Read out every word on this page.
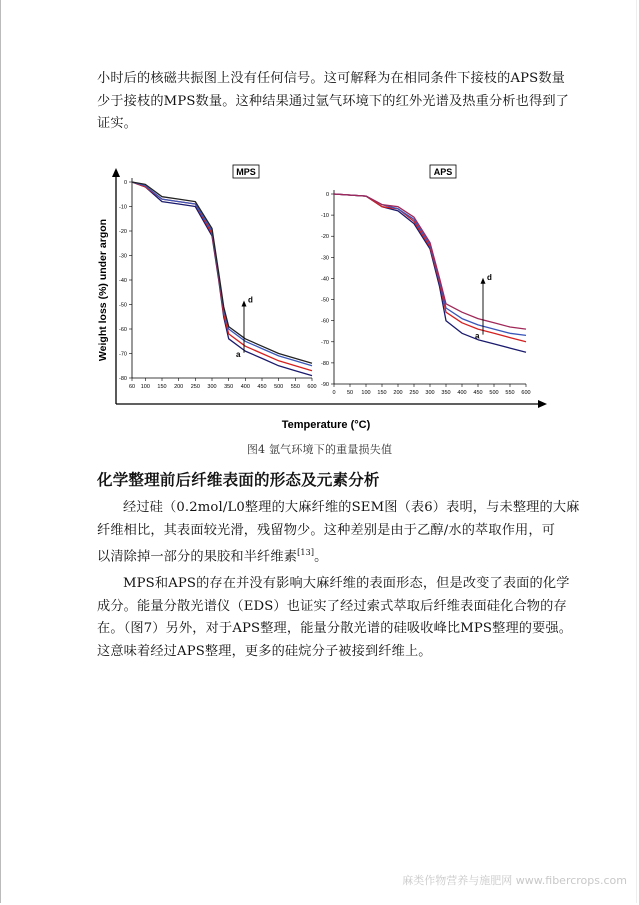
小时后的核磁共振图上没有任何信号。这可解释为在相同条件下接枝的APS数量
少于接枝的MPS数量。这种结果通过氩气环境下的红外光谱及热重分析也得到了
证实。

Weight loss (%) under argon
Temperature (°C)
0
-10
-20
-30
-40
-50
-60
-70
-80
60 100 150 200 250 300 350 400 450 500 550 600
MPS
d
a
0
-10
-20
-30
-40
-50
-60
-70
-80
-90
0 50 100 150 200 250 300 350 400 450 500 550 600
APS
d
a
图4 氩气环境下的重量损失值
化学整理前后纤维表面的形态及元素分析

经过硅（0.2mol/L0整理的大麻纤维的SEM图（表6）表明，与未整理的大麻
纤维相比，其表面较光滑，残留物少。这种差别是由于乙醇/水的萃取作用，可
以清除掉一部分的果胶和半纤维素[13]。

MPS和APS的存在并没有影响大麻纤维的表面形态，但是改变了表面的化学
成分。能量分散光谱仪（EDS）也证实了经过索式萃取后纤维表面硅化合物的存
在。（图7）另外，对于APS整理，能量分散光谱的硅吸收峰比MPS整理的要强。
这意味着经过APS整理，更多的硅烷分子被接到纤维上。

麻类作物营养与施肥网 www.fibercrops.com
